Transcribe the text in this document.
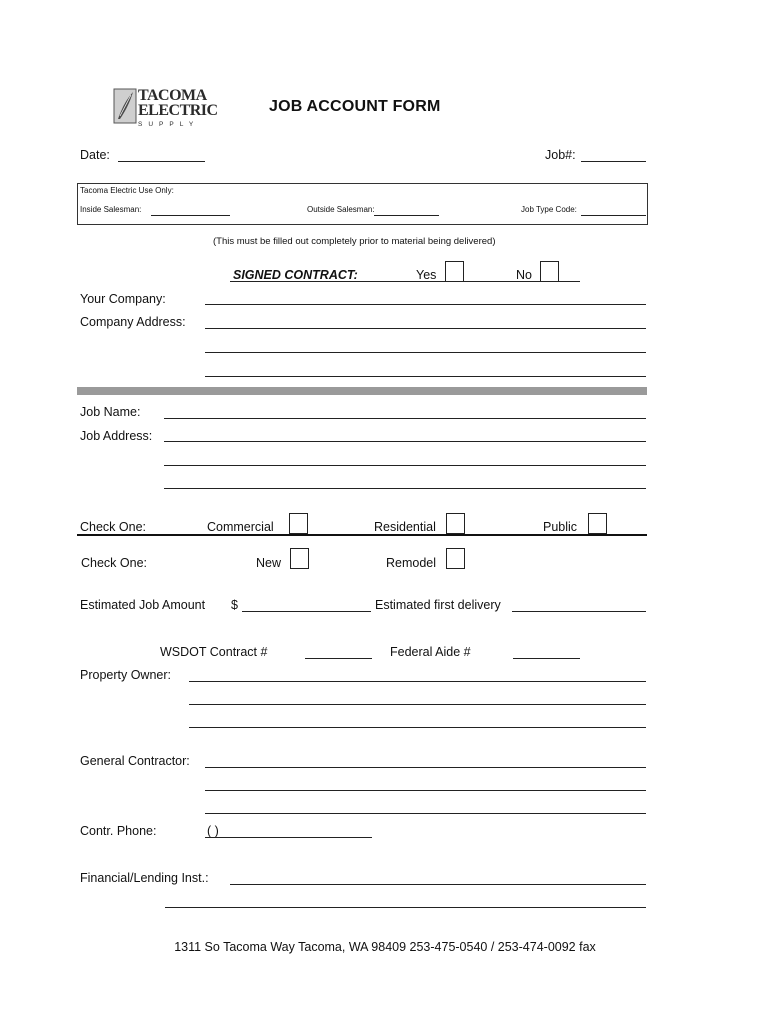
TACOMA
ELECTRIC
SUPPLY
JOB ACCOUNT FORM
Date:	Job#:
Tacoma Electric Use Only:
Inside Salesman:	Outside Salesman:	Job Type Code:
(This must be filled out completely prior to material being delivered)
SIGNED CONTRACT:	Yes	No
Your Company:
Company Address:
Job Name:
Job Address:
Check One:	Commercial	Residential	Public
Check One:	New	Remodel
Estimated Job Amount $	Estimated first delivery
WSDOT Contract #	Federal Aide #
Property Owner:
General Contractor:
Contr. Phone:	( )
Financial/Lending Inst.:
1311 So Tacoma Way Tacoma, WA 98409 253-475-0540 / 253-474-0092 fax
